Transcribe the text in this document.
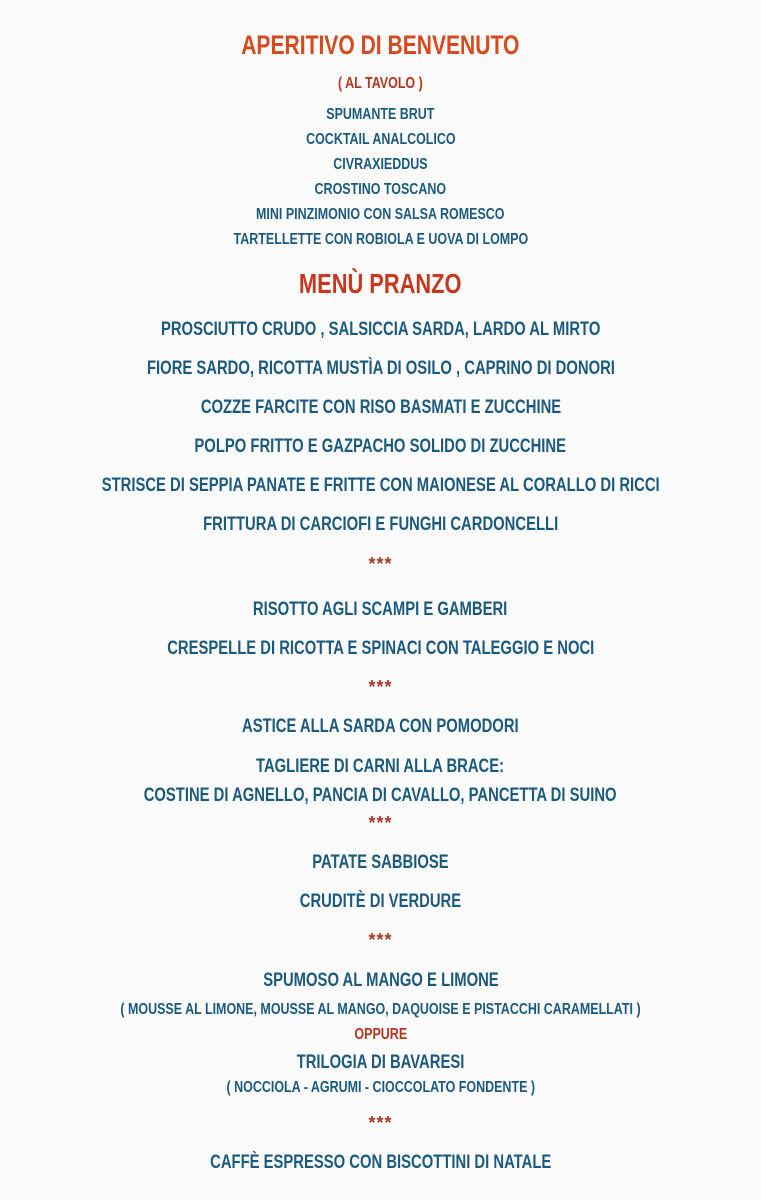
APERITIVO DI BENVENUTO
( AL TAVOLO )
SPUMANTE BRUT
COCKTAIL ANALCOLICO
CIVRAXIEDDUS
CROSTINO TOSCANO
MINI PINZIMONIO CON SALSA ROMESCO
TARTELLETTE CON ROBIOLA E UOVA DI LOMPO
MENÙ PRANZO
PROSCIUTTO CRUDO , SALSICCIA SARDA, LARDO AL MIRTO
FIORE SARDO, RICOTTA MUSTÌA DI OSILO , CAPRINO DI DONORI
COZZE FARCITE CON RISO BASMATI E ZUCCHINE
POLPO FRITTO E GAZPACHO SOLIDO DI ZUCCHINE
STRISCE DI SEPPIA PANATE E FRITTE CON MAIONESE AL CORALLO DI RICCI
FRITTURA DI CARCIOFI E FUNGHI CARDONCELLI
***
RISOTTO AGLI SCAMPI E GAMBERI
CRESPELLE DI RICOTTA E SPINACI CON TALEGGIO E NOCI
***
ASTICE ALLA SARDA CON POMODORI
TAGLIERE DI CARNI ALLA BRACE:
COSTINE DI AGNELLO, PANCIA DI CAVALLO, PANCETTA DI SUINO
***
PATATE SABBIOSE
CRUDITÈ DI VERDURE
***
SPUMOSO AL MANGO E LIMONE
( MOUSSE AL LIMONE, MOUSSE AL MANGO, DAQUOISE E PISTACCHI CARAMELLATI )
OPPURE
TRILOGIA DI BAVARESI
( NOCCIOLA - AGRUMI - CIOCCOLATO FONDENTE )
***
CAFFÈ ESPRESSO CON BISCOTTINI DI NATALE
